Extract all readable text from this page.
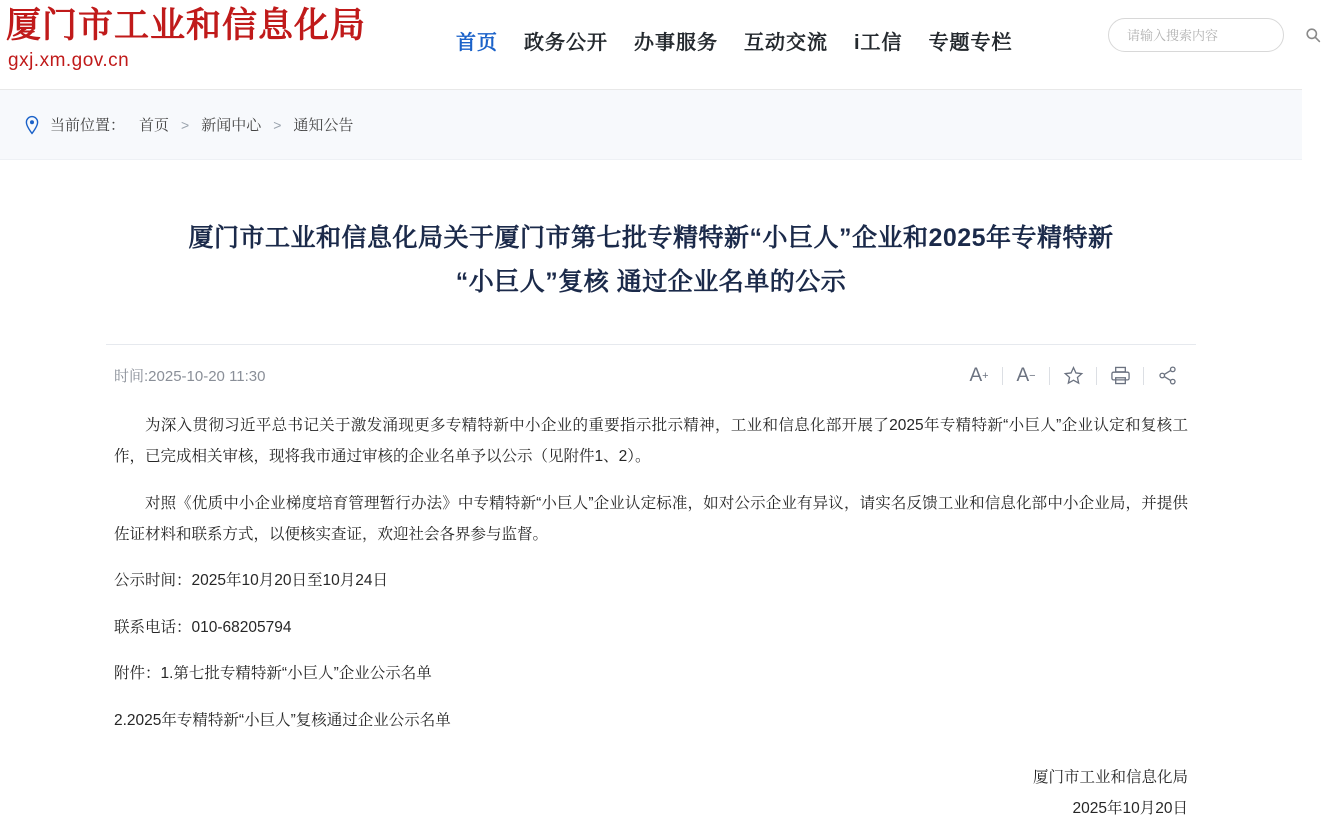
厦门市工业和信息化局
gxj.xm.gov.cn
首页 政务公开 办事服务 互动交流 i工信 专题专栏
请输入搜索内容
当前位置： 首页 > 新闻中心 > 通知公告
厦门市工业和信息化局关于厦门市第七批专精特新“小巨人”企业和2025年专精特新
“小巨人”复核 通过企业名单的公示
时间:2025-10-20 11:30	A +	A −

为深入贯彻习近平总书记关于激发涌现更多专精特新中小企业的重要指示批示精神，工业和信息化部开展了2025年专精特新“小巨人”企业认定和复核工作，已完成相关审核，现将我市通过审核的企业名单予以公示（见附件1、2）。

对照《优质中小企业梯度培育管理暂行办法》中专精特新“小巨人”企业认定标准，如对公示企业有异议，请实名反馈工业和信息化部中小企业局，并提供佐证材料和联系方式，以便核实查证，欢迎社会各界参与监督。

公示时间：2025年10月20日至10月24日

联系电话：010-68205794

附件：1.第七批专精特新“小巨人”企业公示名单

2.2025年专精特新“小巨人”复核通过企业公示名单

厦门市工业和信息化局
2025年10月20日
